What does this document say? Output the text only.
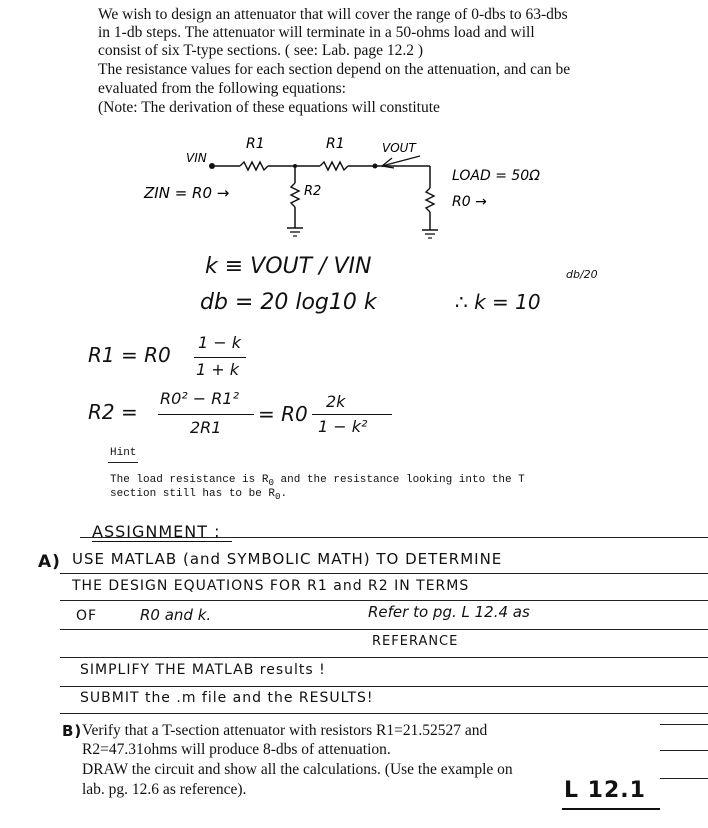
We wish to design an attenuator that will cover the range of 0-dbs to 63-dbs
in 1-db steps. The attenuator will terminate in a 50-ohms load and will
consist of six T-type sections. ( see: Lab. page 12.2 )
The resistance values for each section depend on the attenuation, and can be
evaluated from the following equations:
(Note: The derivation of these equations will constitute
R1	R1
R2
VIN
VOUT
ZIN = R0 →
LOAD = 50Ω
R0 →
k ≡ VOUT / VIN
db = 20 log10 k	∴ k = 10
db/20
R1 = R0
1 − k
1 + k
R2 =
R0² − R1²
2R1
= R0
2k
1 − k²
Hint
The load resistance is $R_0$ and the resistance looking into the T
section still has to be $R_0$.
ASSIGNMENT :
A) USE MATLAB (and SYMBOLIC MATH) TO DETERMINE
THE DESIGN EQUATIONS FOR R1 and R2 IN TERMS
OF	R0 and k.	Refer to pg. L 12.4 as
REFERANCE
SIMPLIFY THE MATLAB results !
SUBMIT the .m file and the RESULTS!
B) Verify that a T-section attenuator with resistors R1=21.52527 and
R2=47.31ohms will produce 8-dbs of attenuation.
DRAW the circuit and show all the calculations. (Use the example on
lab. pg. 12.6 as reference).	L 12.1
